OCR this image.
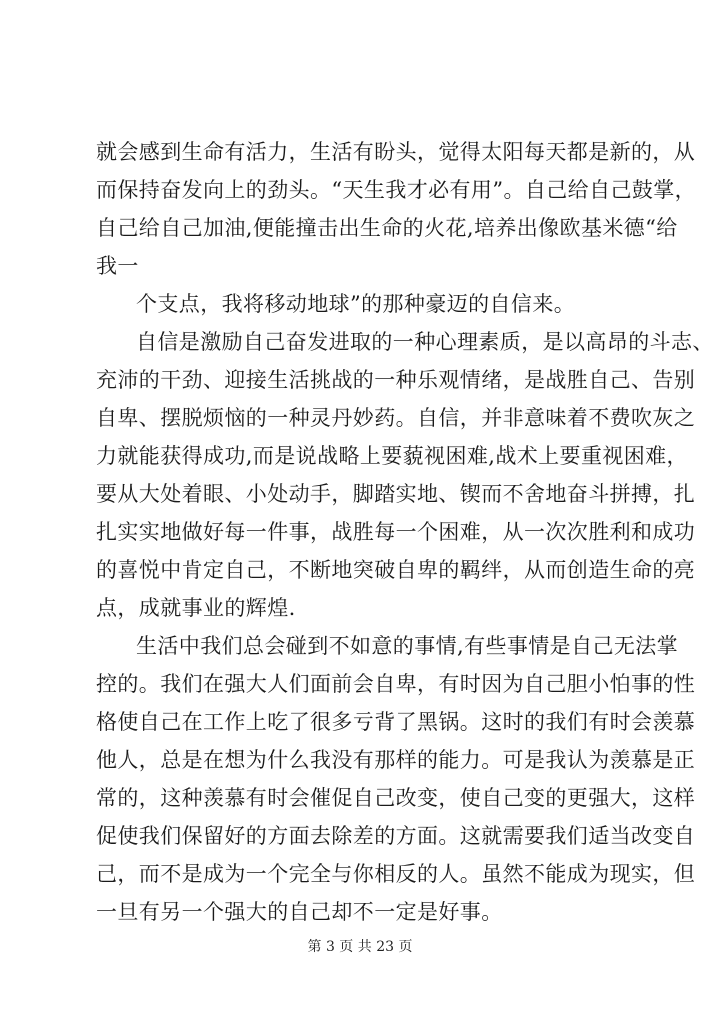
就会感到生命有活力，生活有盼头，觉得太阳每天都是新的，从
而保持奋发向上的劲头。“天生我才必有用”。自己给自己鼓掌，
自己给自己加油,便能撞击出生命的火花,培养出像欧基米德“给
我一
个支点，我将移动地球”的那种豪迈的自信来。
自信是激励自己奋发进取的一种心理素质，是以高昂的斗志、
充沛的干劲、迎接生活挑战的一种乐观情绪，是战胜自己、告别
自卑、摆脱烦恼的一种灵丹妙药。自信，并非意味着不费吹灰之
力就能获得成功,而是说战略上要藐视困难,战术上要重视困难，
要从大处着眼、小处动手，脚踏实地、锲而不舍地奋斗拼搏，扎
扎实实地做好每一件事，战胜每一个困难，从一次次胜利和成功
的喜悦中肯定自己，不断地突破自卑的羁绊，从而创造生命的亮
点，成就事业的辉煌.
生活中我们总会碰到不如意的事情,有些事情是自己无法掌
控的。我们在强大人们面前会自卑，有时因为自己胆小怕事的性
格使自己在工作上吃了很多亏背了黑锅。这时的我们有时会羡慕
他人，总是在想为什么我没有那样的能力。可是我认为羡慕是正
常的，这种羡慕有时会催促自己改变，使自己变的更强大，这样
促使我们保留好的方面去除差的方面。这就需要我们适当改变自
己，而不是成为一个完全与你相反的人。虽然不能成为现实，但
一旦有另一个强大的自己却不一定是好事。
第 3 页 共 23 页
